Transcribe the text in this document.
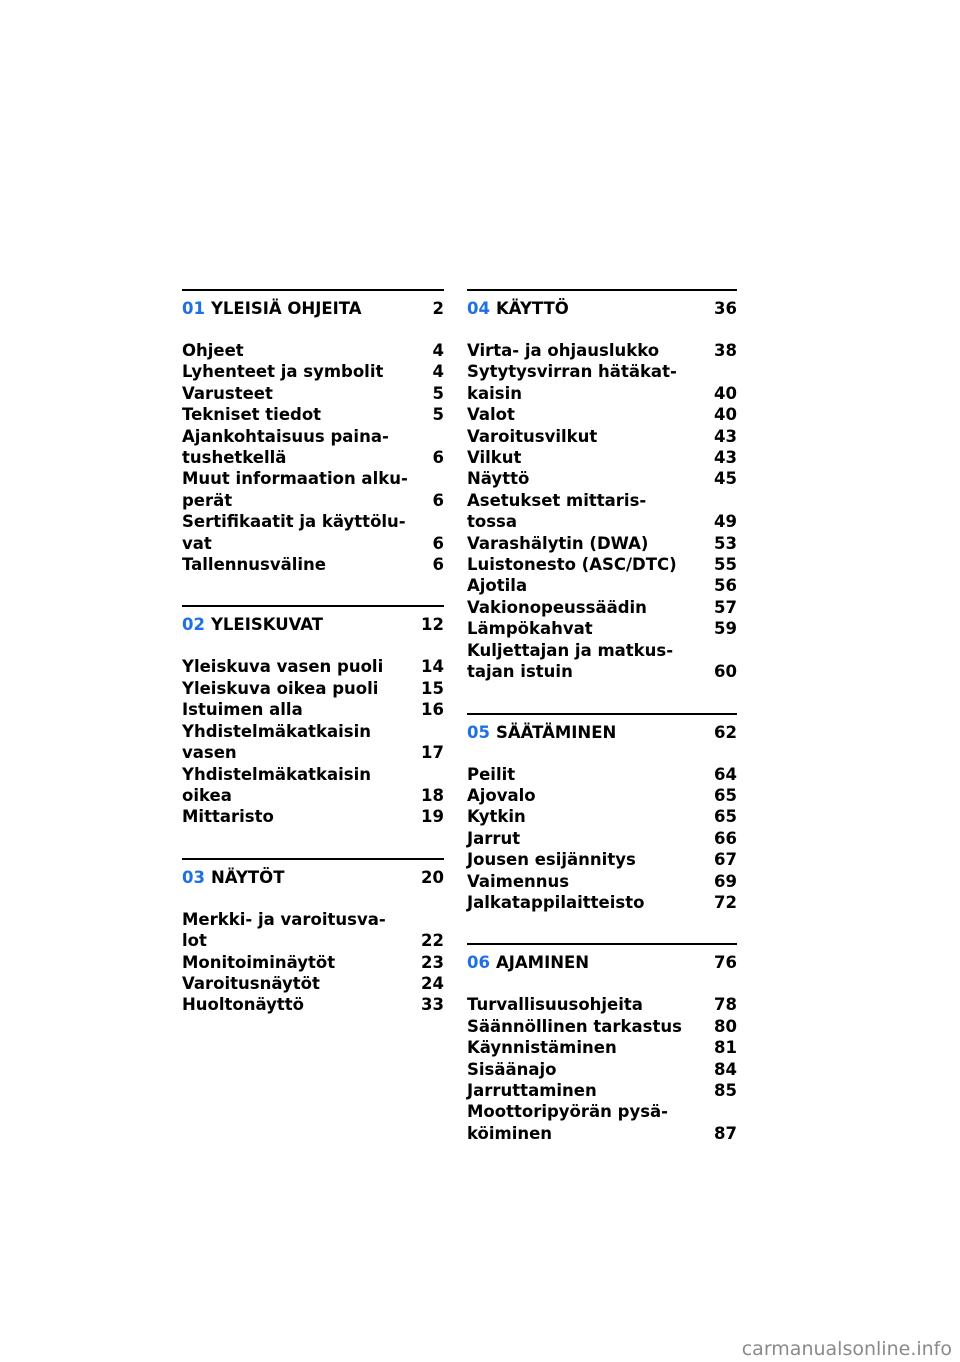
01 YLEISIÄ OHJEITA	2
Ohjeet	4
Lyhenteet ja symbolit	4
Varusteet	5
Tekniset tiedot	5
Ajankohtaisuus paina-
tushetkellä	6
Muut informaation alku-
perät	6
Sertifikaatit ja käyttölu-
vat	6
Tallennusväline	6
02 YLEISKUVAT	12
Yleiskuva vasen puoli	14
Yleiskuva oikea puoli	15
Istuimen alla	16
Yhdistelmäkatkaisin
vasen	17
Yhdistelmäkatkaisin
oikea	18
Mittaristo	19
03 NÄYTÖT	20
Merkki- ja varoitusva-
lot	22
Monitoiminäytöt	23
Varoitusnäytöt	24
Huoltonäyttö	33
04 KÄYTTÖ	36
Virta- ja ohjauslukko	38
Sytytysvirran hätäkat-
kaisin	40
Valot	40
Varoitusvilkut	43
Vilkut	43
Näyttö	45
Asetukset mittaris-
tossa	49
Varashälytin (DWA)	53
Luistonesto (ASC/DTC)	55
Ajotila	56
Vakionopeussäädin	57
Lämpökahvat	59
Kuljettajan ja matkus-
tajan istuin	60
05 SÄÄTÄMINEN	62
Peilit	64
Ajovalo	65
Kytkin	65
Jarrut	66
Jousen esijännitys	67
Vaimennus	69
Jalkatappilaitteisto	72
06 AJAMINEN	76
Turvallisuusohjeita	78
Säännöllinen tarkastus	80
Käynnistäminen	81
Sisäänajo	84
Jarruttaminen	85
Moottoripyörän pysä-
köiminen	87
carmanualsonline.info
